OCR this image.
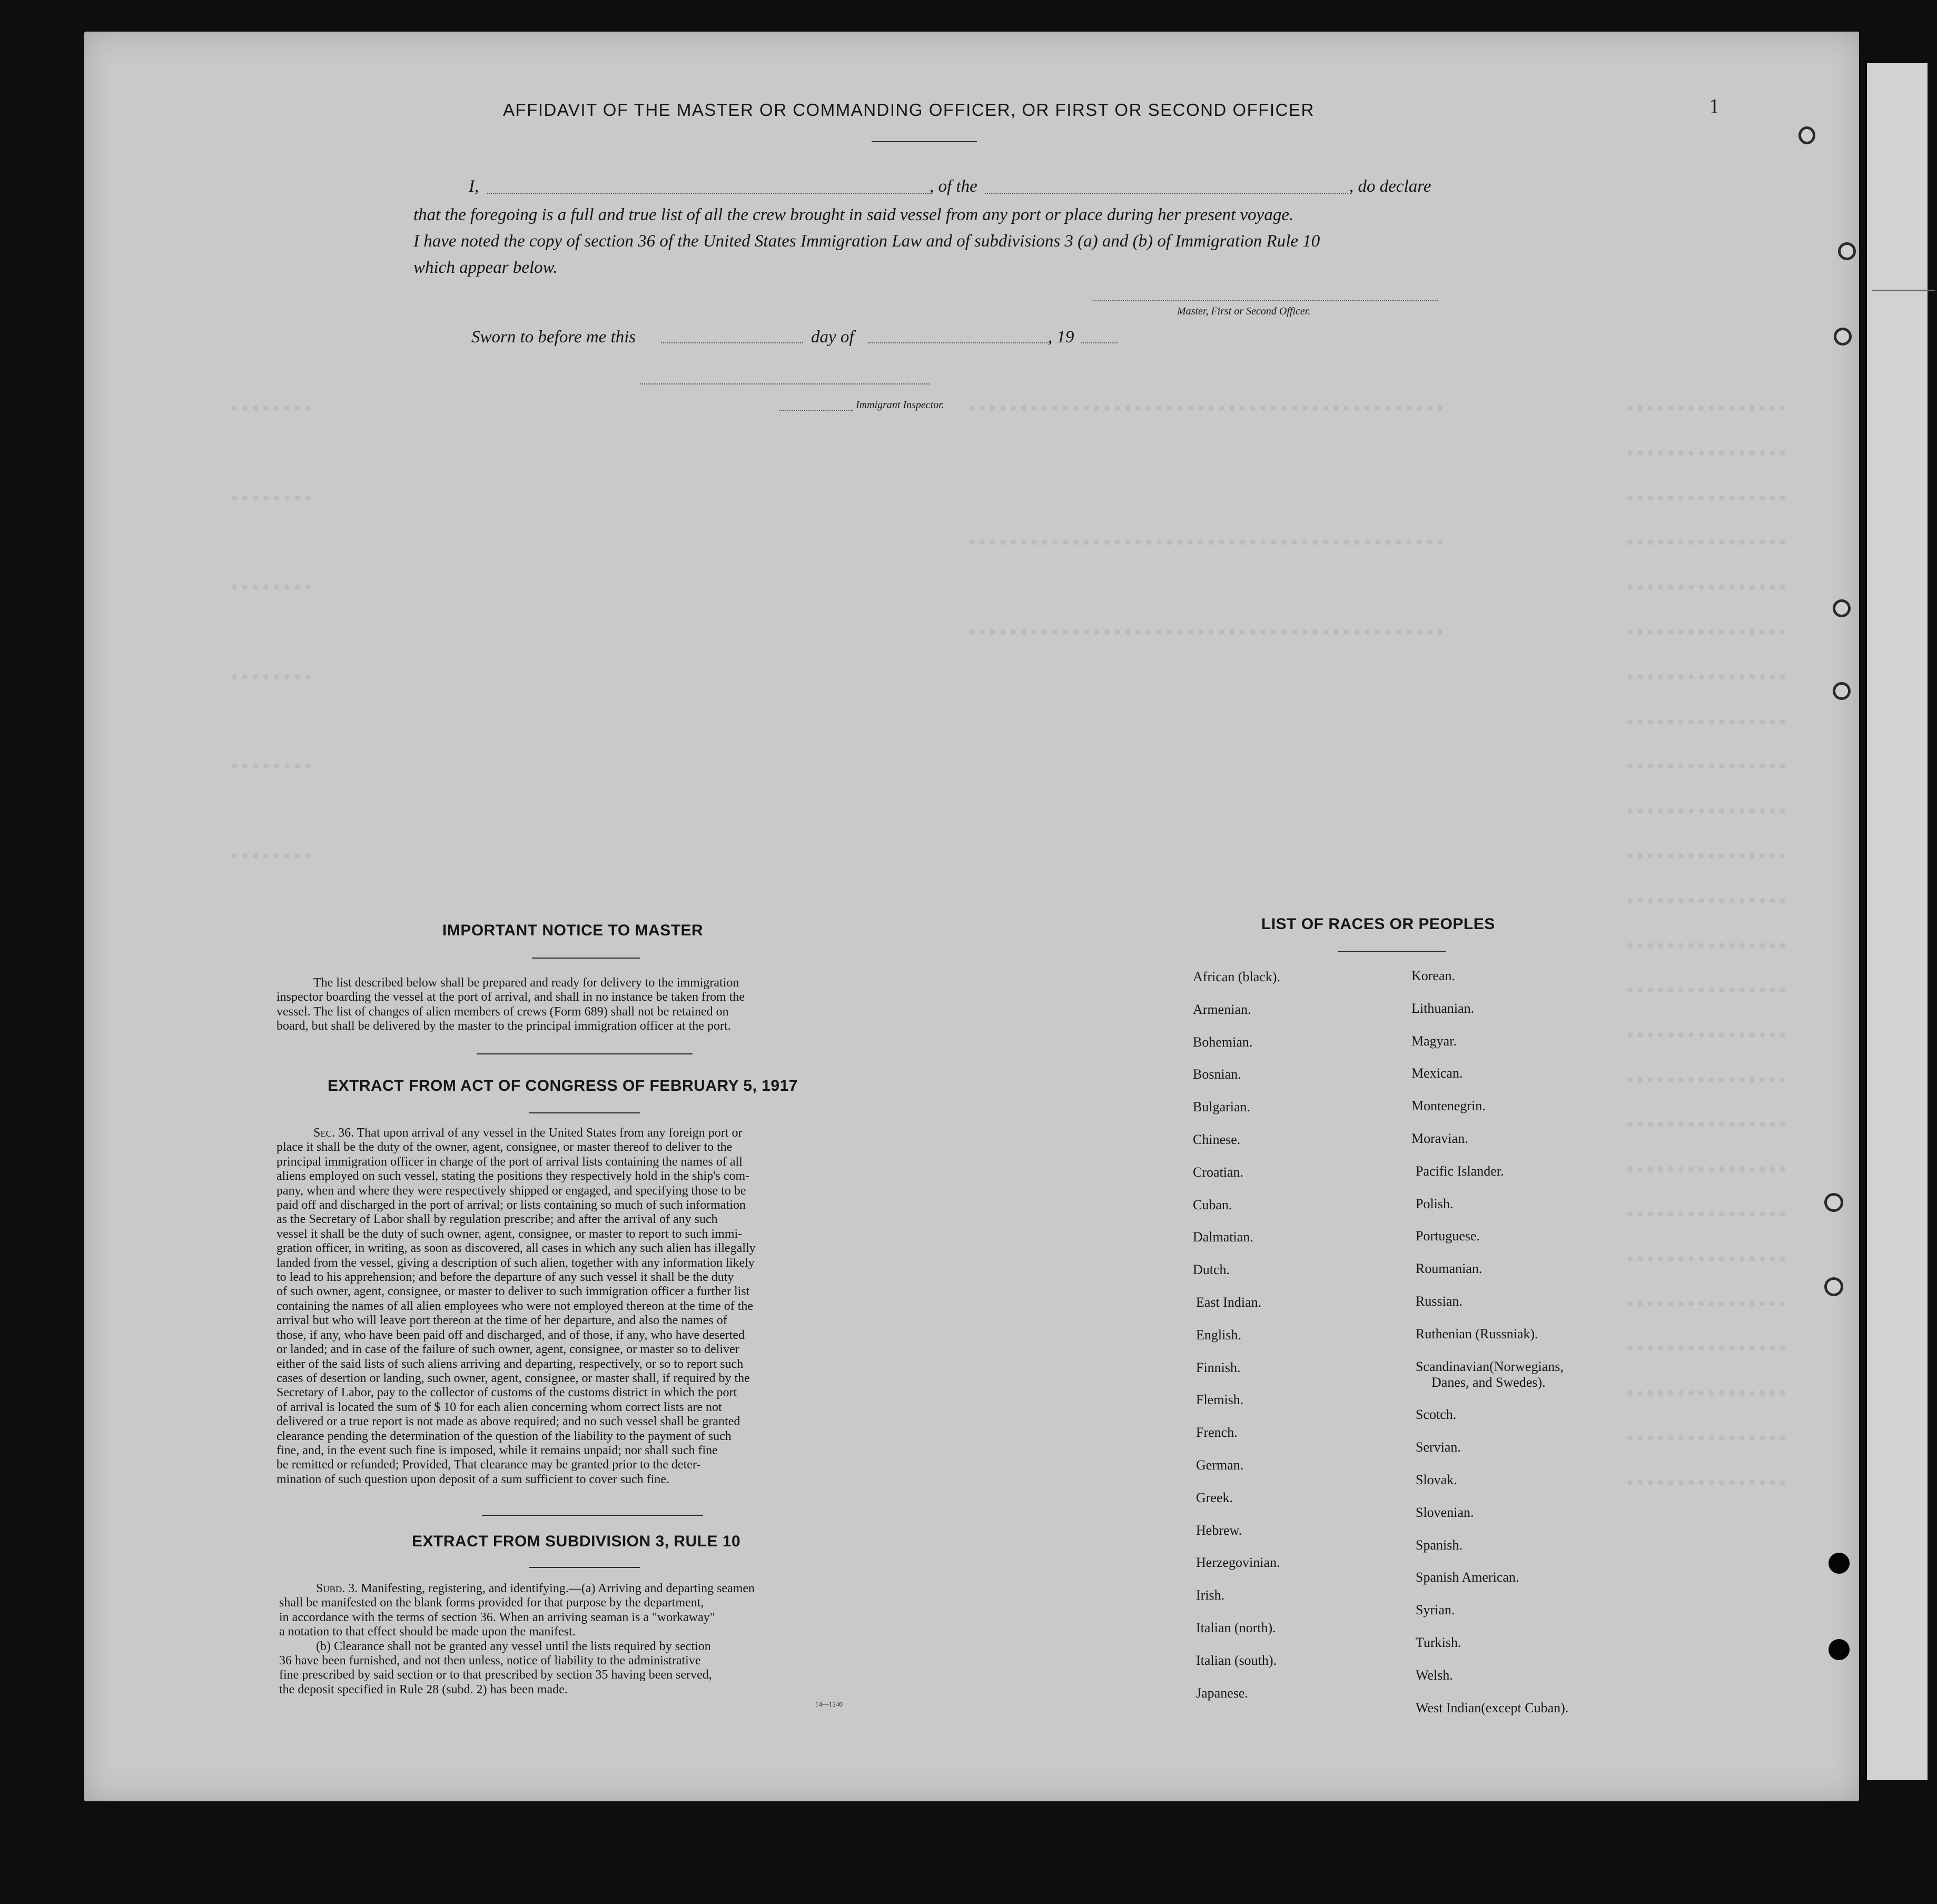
1
AFFIDAVIT OF THE MASTER OR COMMANDING OFFICER, OR FIRST OR SECOND OFFICER
I,	, of the	, do declare
that the foregoing is a full and true list of all the crew brought in said vessel from any port or place during her present voyage.
I have noted the copy of section 36 of the United States Immigration Law and of subdivisions 3 (a) and (b) of Immigration Rule 10
which appear below.
Master, First or Second Officer.
Sworn to before me this	day of	, 19
Immigrant Inspector.
IMPORTANT NOTICE TO MASTER
The list described below shall be prepared and ready for delivery to the immigration
inspector boarding the vessel at the port of arrival, and shall in no instance be taken from the
vessel. The list of changes of alien members of crews (Form 689) shall not be retained on
board, but shall be delivered by the master to the principal immigration officer at the port.
EXTRACT FROM ACT OF CONGRESS OF FEBRUARY 5, 1917
Sec. 36. That upon arrival of any vessel in the United States from any foreign port or
place it shall be the duty of the owner, agent, consignee, or master thereof to deliver to the
principal immigration officer in charge of the port of arrival lists containing the names of all
aliens employed on such vessel, stating the positions they respectively hold in the ship's com-
pany, when and where they were respectively shipped or engaged, and specifying those to be
paid off and discharged in the port of arrival; or lists containing so much of such information
as the Secretary of Labor shall by regulation prescribe; and after the arrival of any such
vessel it shall be the duty of such owner, agent, consignee, or master to report to such immi-
gration officer, in writing, as soon as discovered, all cases in which any such alien has illegally
landed from the vessel, giving a description of such alien, together with any information likely
to lead to his apprehension; and before the departure of any such vessel it shall be the duty
of such owner, agent, consignee, or master to deliver to such immigration officer a further list
containing the names of all alien employees who were not employed thereon at the time of the
arrival but who will leave port thereon at the time of her departure, and also the names of
those, if any, who have been paid off and discharged, and of those, if any, who have deserted
or landed; and in case of the failure of such owner, agent, consignee, or master so to deliver
either of the said lists of such aliens arriving and departing, respectively, or so to report such
cases of desertion or landing, such owner, agent, consignee, or master shall, if required by the
Secretary of Labor, pay to the collector of customs of the customs district in which the port
of arrival is located the sum of $ 10 for each alien concerning whom correct lists are not
delivered or a true report is not made as above required; and no such vessel shall be granted
clearance pending the determination of the question of the liability to the payment of such
fine, and, in the event such fine is imposed, while it remains unpaid; nor shall such fine
be remitted or refunded; Provided, That clearance may be granted prior to the deter-
mination of such question upon deposit of a sum sufficient to cover such fine.
EXTRACT FROM SUBDIVISION 3, RULE 10
Subd. 3. Manifesting, registering, and identifying.—(a) Arriving and departing seamen
shall be manifested on the blank forms provided for that purpose by the department,
in accordance with the terms of section 36. When an arriving seaman is a "workaway"
a notation to that effect should be made upon the manifest.
(b) Clearance shall not be granted any vessel until the lists required by section
36 have been furnished, and not then unless, notice of liability to the administrative
fine prescribed by said section or to that prescribed by section 35 having been served,
the deposit specified in Rule 28 (subd. 2) has been made.
14—1240
LIST OF RACES OR PEOPLES
African (black).
Armenian.
Bohemian.
Bosnian.
Bulgarian.
Chinese.
Croatian.
Cuban.
Dalmatian.
Dutch.
East Indian.
English.
Finnish.
Flemish.
French.
German.
Greek.
Hebrew.
Herzegovinian.
Irish.
Italian (north).
Italian (south).
Japanese.
Korean.
Lithuanian.
Magyar.
Mexican.
Montenegrin.
Moravian.
Pacific Islander.
Polish.
Portuguese.
Roumanian.
Russian.
Ruthenian (Russniak).
Scandinavian(Norwegians,
Danes, and Swedes).
Scotch.
Servian.
Slovak.
Slovenian.
Spanish.
Spanish American.
Syrian.
Turkish.
Welsh.
West Indian(except Cuban).
